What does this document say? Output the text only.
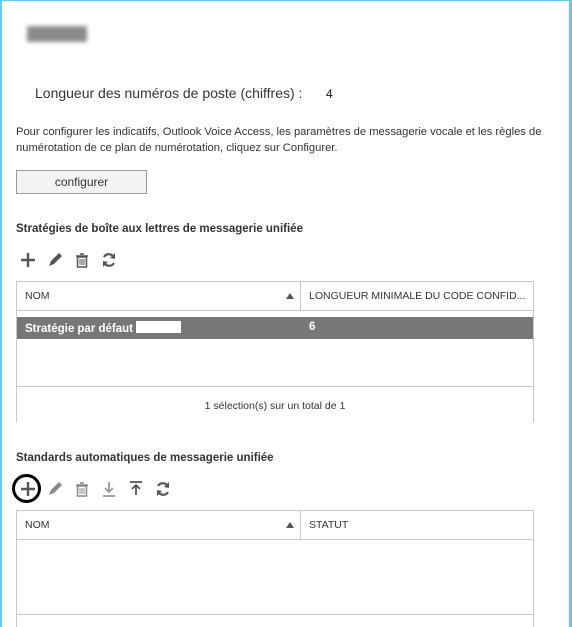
Longueur des numéros de poste (chiffres) : 4
Pour configurer les indicatifs, Outlook Voice Access, les paramètres de messagerie vocale et les règles de numérotation de ce plan de numérotation, cliquez sur Configurer.
configurer
Stratégies de boîte aux lettres de messagerie unifiée
NOM	LONGUEUR MINIMALE DU CODE CONFID...
Stratégie par défaut	6
1 sélection(s) sur un total de 1
Standards automatiques de messagerie unifiée
NOM	STATUT
